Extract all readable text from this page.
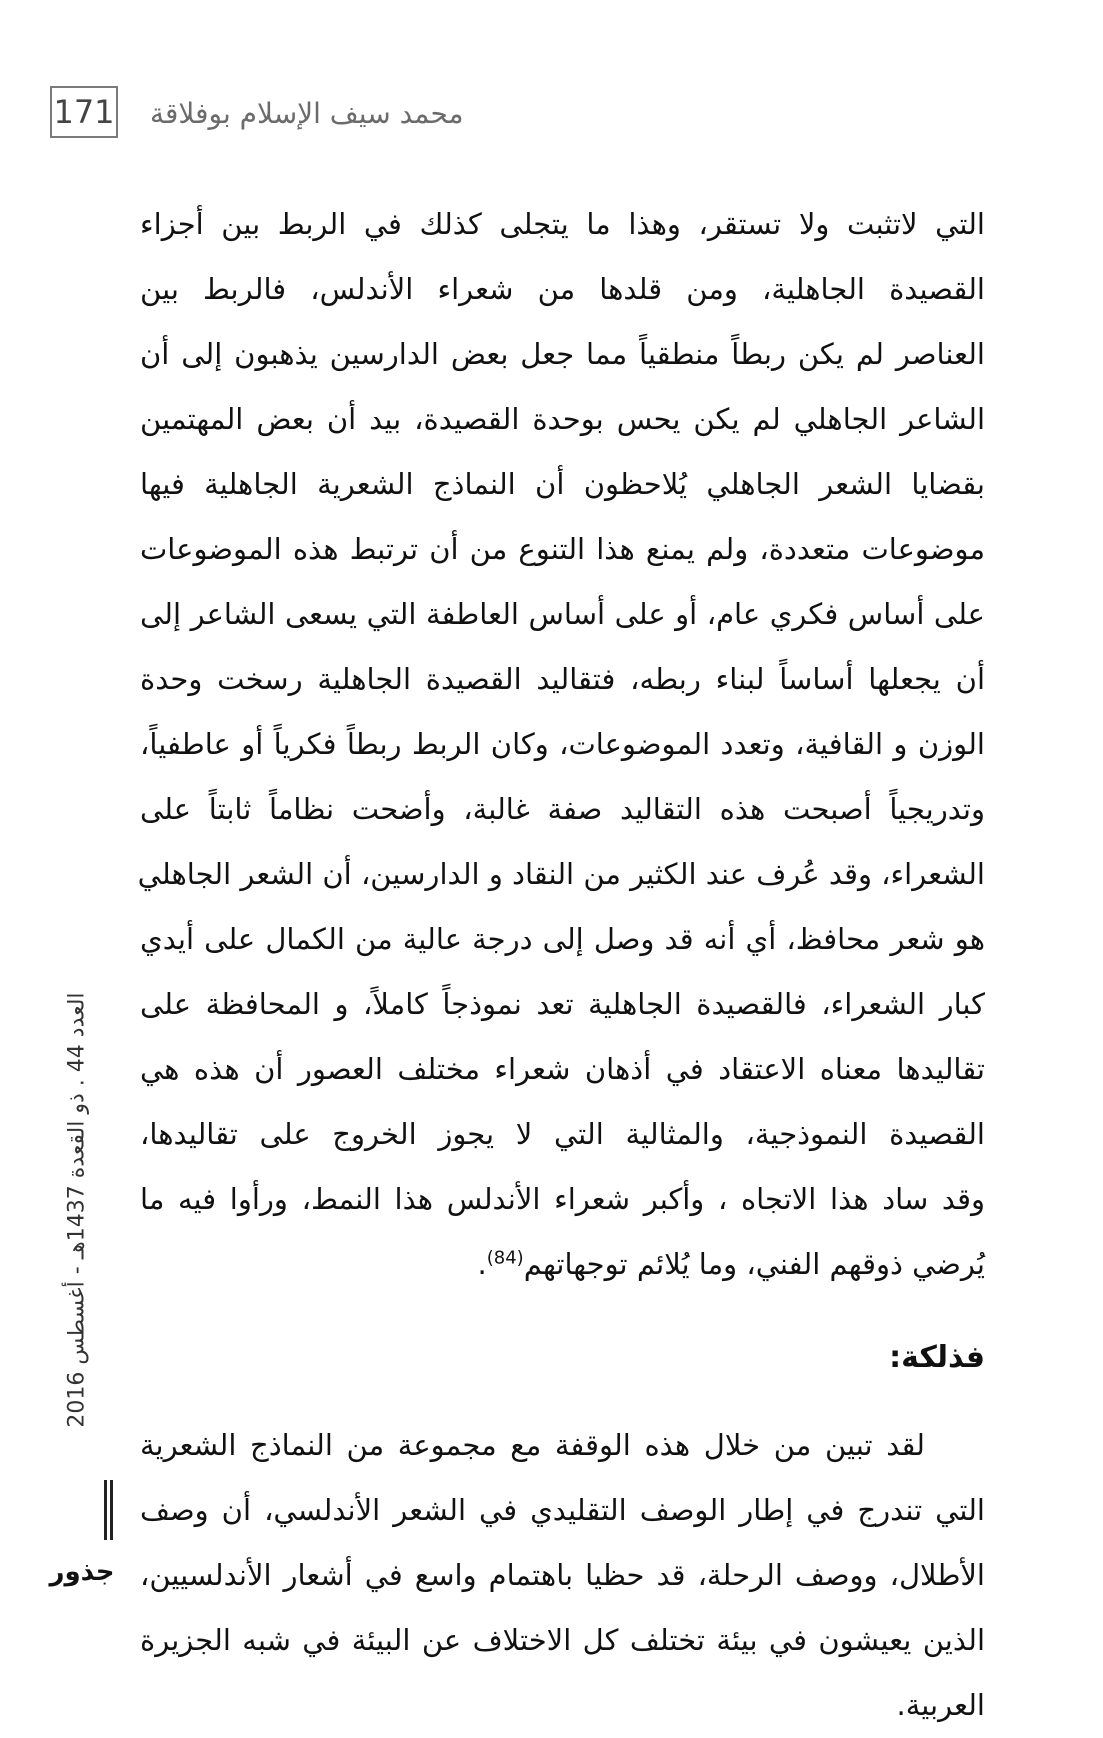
171 محمد سيف الإسلام بوفلاقة
التي لاتثبت ولا تستقر، وهذا ما يتجلى كذلك في الربط بين أجزاء
القصيدة الجاهلية، ومن قلدها من شعراء الأندلس، فالربط بين
العناصر لم يكن ربطاً منطقياً مما جعل بعض الدارسين يذهبون إلى أن
الشاعر الجاهلي لم يكن يحس بوحدة القصيدة، بيد أن بعض المهتمين
بقضايا الشعر الجاهلي يُلاحظون أن النماذج الشعرية الجاهلية فيها
موضوعات متعددة، ولم يمنع هذا التنوع من أن ترتبط هذه الموضوعات
على أساس فكري عام، أو على أساس العاطفة التي يسعى الشاعر إلى
أن يجعلها أساساً لبناء ربطه، فتقاليد القصيدة الجاهلية رسخت وحدة
الوزن و القافية، وتعدد الموضوعات، وكان الربط ربطاً فكرياً أو عاطفياً،
وتدريجياً أصبحت هذه التقاليد صفة غالبة، وأضحت نظاماً ثابتاً على
الشعراء، وقد عُرف عند الكثير من النقاد و الدارسين، أن الشعر الجاهلي
هو شعر محافظ، أي أنه قد وصل إلى درجة عالية من الكمال على أيدي
كبار الشعراء، فالقصيدة الجاهلية تعد نموذجاً كاملاً، و المحافظة على
تقاليدها معناه الاعتقاد في أذهان شعراء مختلف العصور أن هذه هي
القصيدة النموذجية، والمثالية التي لا يجوز الخروج على تقاليدها،
وقد ساد هذا الاتجاه ، وأكبر شعراء الأندلس هذا النمط، ورأوا فيه ما
يُرضي ذوقهم الفني، وما يُلائم توجهاتهم$^{(84)}$.
فذلكة:
لقد تبين من خلال هذه الوقفة مع مجموعة من النماذج الشعرية
التي تندرج في إطار الوصف التقليدي في الشعر الأندلسي، أن وصف
الأطلال، ووصف الرحلة، قد حظيا باهتمام واسع في أشعار الأندلسيين،
الذين يعيشون في بيئة تختلف كل الاختلاف عن البيئة في شبه الجزيرة
العربية.
العدد 44 . ذو القعدة 1437هـ - أغسطس 2016
جذور
